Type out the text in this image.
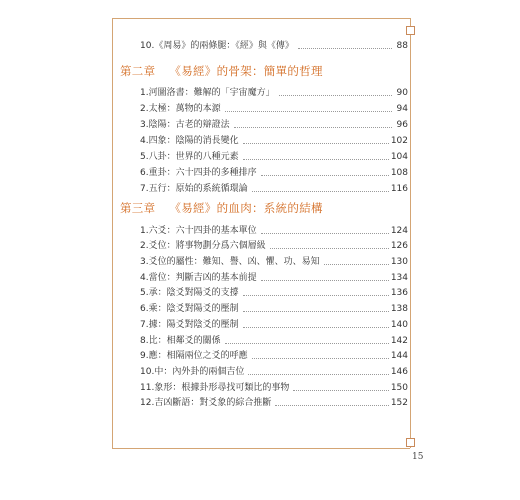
10.《周易》的兩條腿：《經》與《傳》	88
第二章 《易經》的骨架：簡單的哲理
1.河圖洛書：難解的「宇宙魔方」	90
2.太極：萬物的本源	94
3.陰陽：古老的辯證法	96
4.四象：陰陽的消長變化	102
5.八卦：世界的八種元素	104
6.重卦：六十四卦的多種排序	108
7.五行：原始的系統循環論	116
第三章 《易經》的血肉：系統的結構
1.六爻：六十四卦的基本單位	124
2.爻位：將事物劃分爲六個層級	126
3.爻位的屬性：難知、譽、凶、懼、功、易知	130
4.當位：判斷吉凶的基本前提	134
5.承：陰爻對陽爻的支撐	136
6.乘：陰爻對陽爻的壓制	138
7.據：陽爻對陰爻的壓制	140
8.比：相鄰爻的關係	142
9.應：相隔兩位之爻的呼應	144
10.中：內外卦的兩個吉位	146
11.象形：根據卦形尋找可類比的事物	150
12.吉凶斷語：對爻象的綜合推斷	152
15
